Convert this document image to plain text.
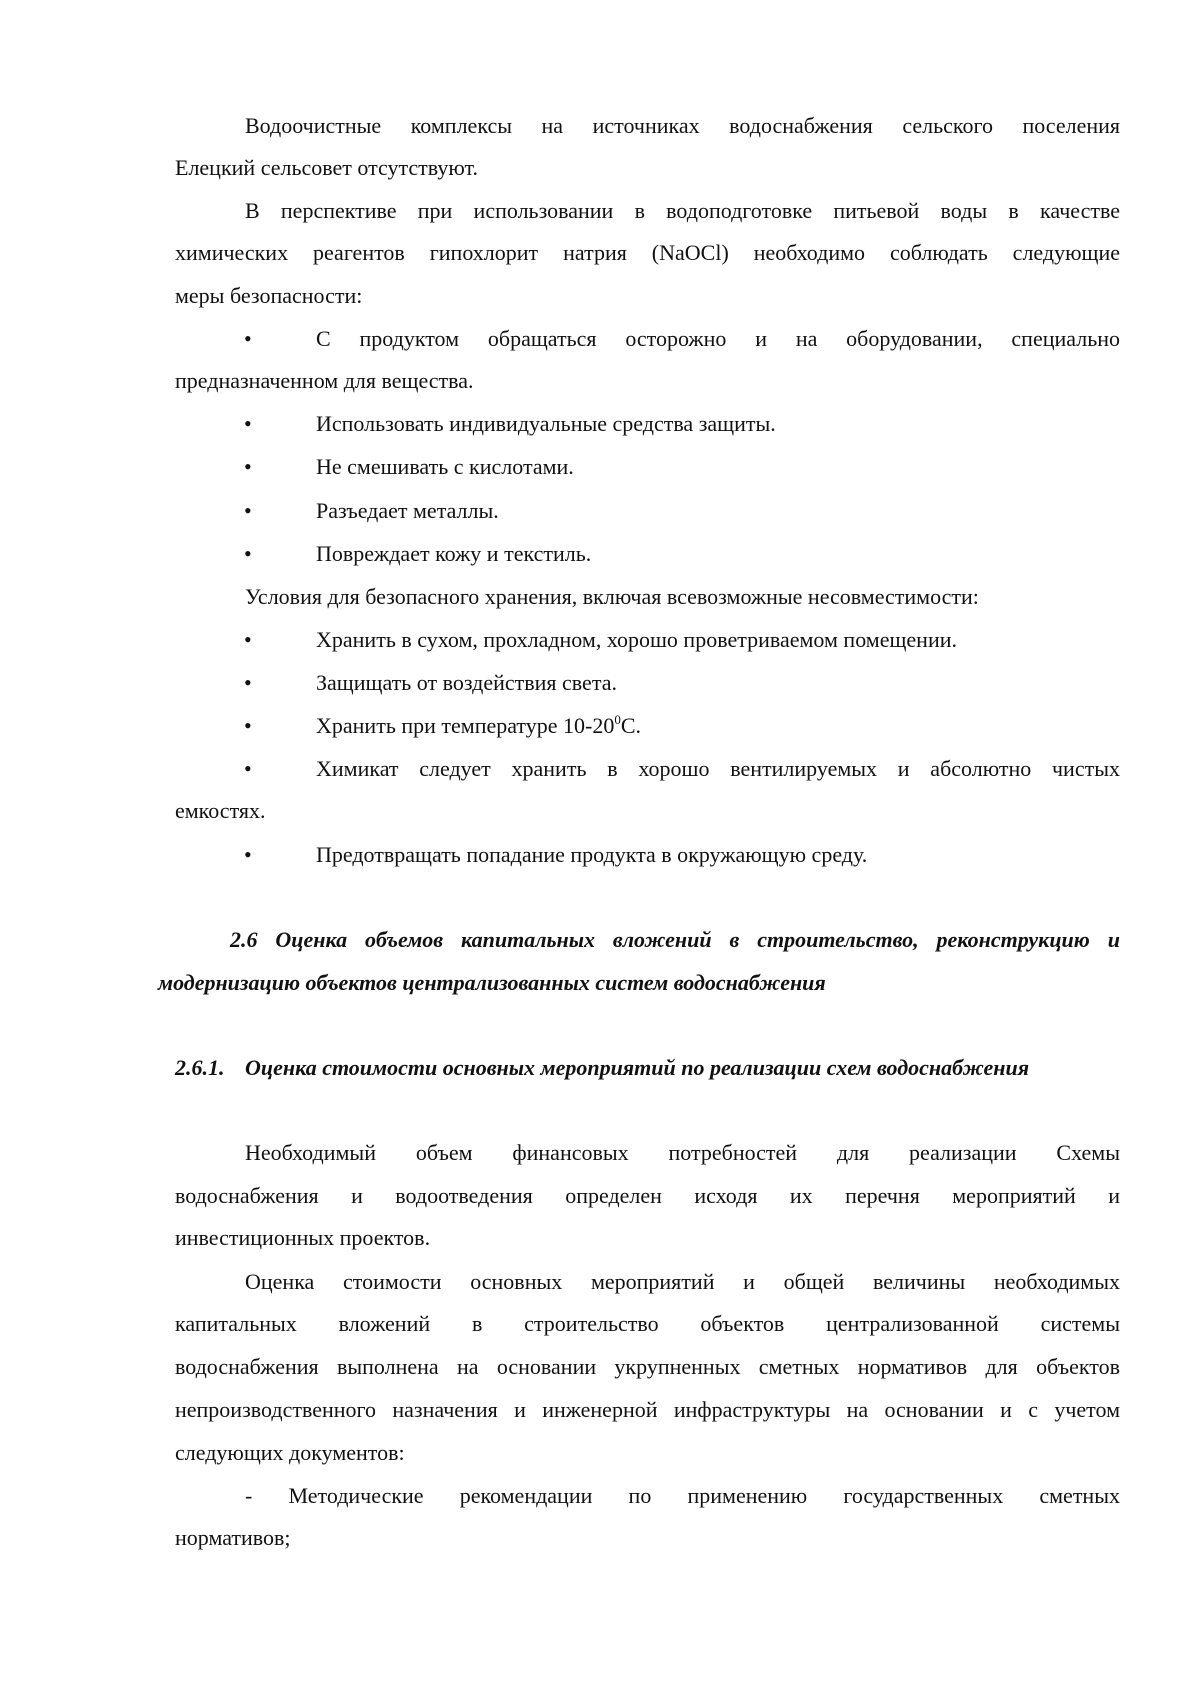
Водоочистные комплексы на источниках водоснабжения сельского поселения
Елецкий сельсовет отсутствуют.
В перспективе при использовании в водоподготовке питьевой воды в качестве
химических реагентов гипохлорит натрия (NaOCl) необходимо соблюдать следующие
меры безопасности:
•	С продуктом обращаться осторожно и на оборудовании, специально
предназначенном для вещества.
•	Использовать индивидуальные средства защиты.
•	Не смешивать с кислотами.
•	Разъедает металлы.
•	Повреждает кожу и текстиль.
Условия для безопасного хранения, включая всевозможные несовместимости:
•	Хранить в сухом, прохладном, хорошо проветриваемом помещении.
•	Защищать от воздействия света.
•	Хранить при температуре $10-20^0С$.
•	Химикат следует хранить в хорошо вентилируемых и абсолютно чистых
емкостях.
•	Предотвращать попадание продукта в окружающую среду.
2.6 Оценка объемов капитальных вложений в строительство, реконструкцию и
модернизацию объектов централизованных систем водоснабжения
2.6.1. Оценка стоимости основных мероприятий по реализации схем водоснабжения
Необходимый объем финансовых потребностей для реализации Схемы
водоснабжения и водоотведения определен исходя их перечня мероприятий и
инвестиционных проектов.
Оценка стоимости основных мероприятий и общей величины необходимых
капитальных вложений в строительство объектов централизованной системы
водоснабжения выполнена на основании укрупненных сметных нормативов для объектов
непроизводственного назначения и инженерной инфраструктуры на основании и с учетом
следующих документов:
- Методические рекомендации по применению государственных сметных
нормативов;
